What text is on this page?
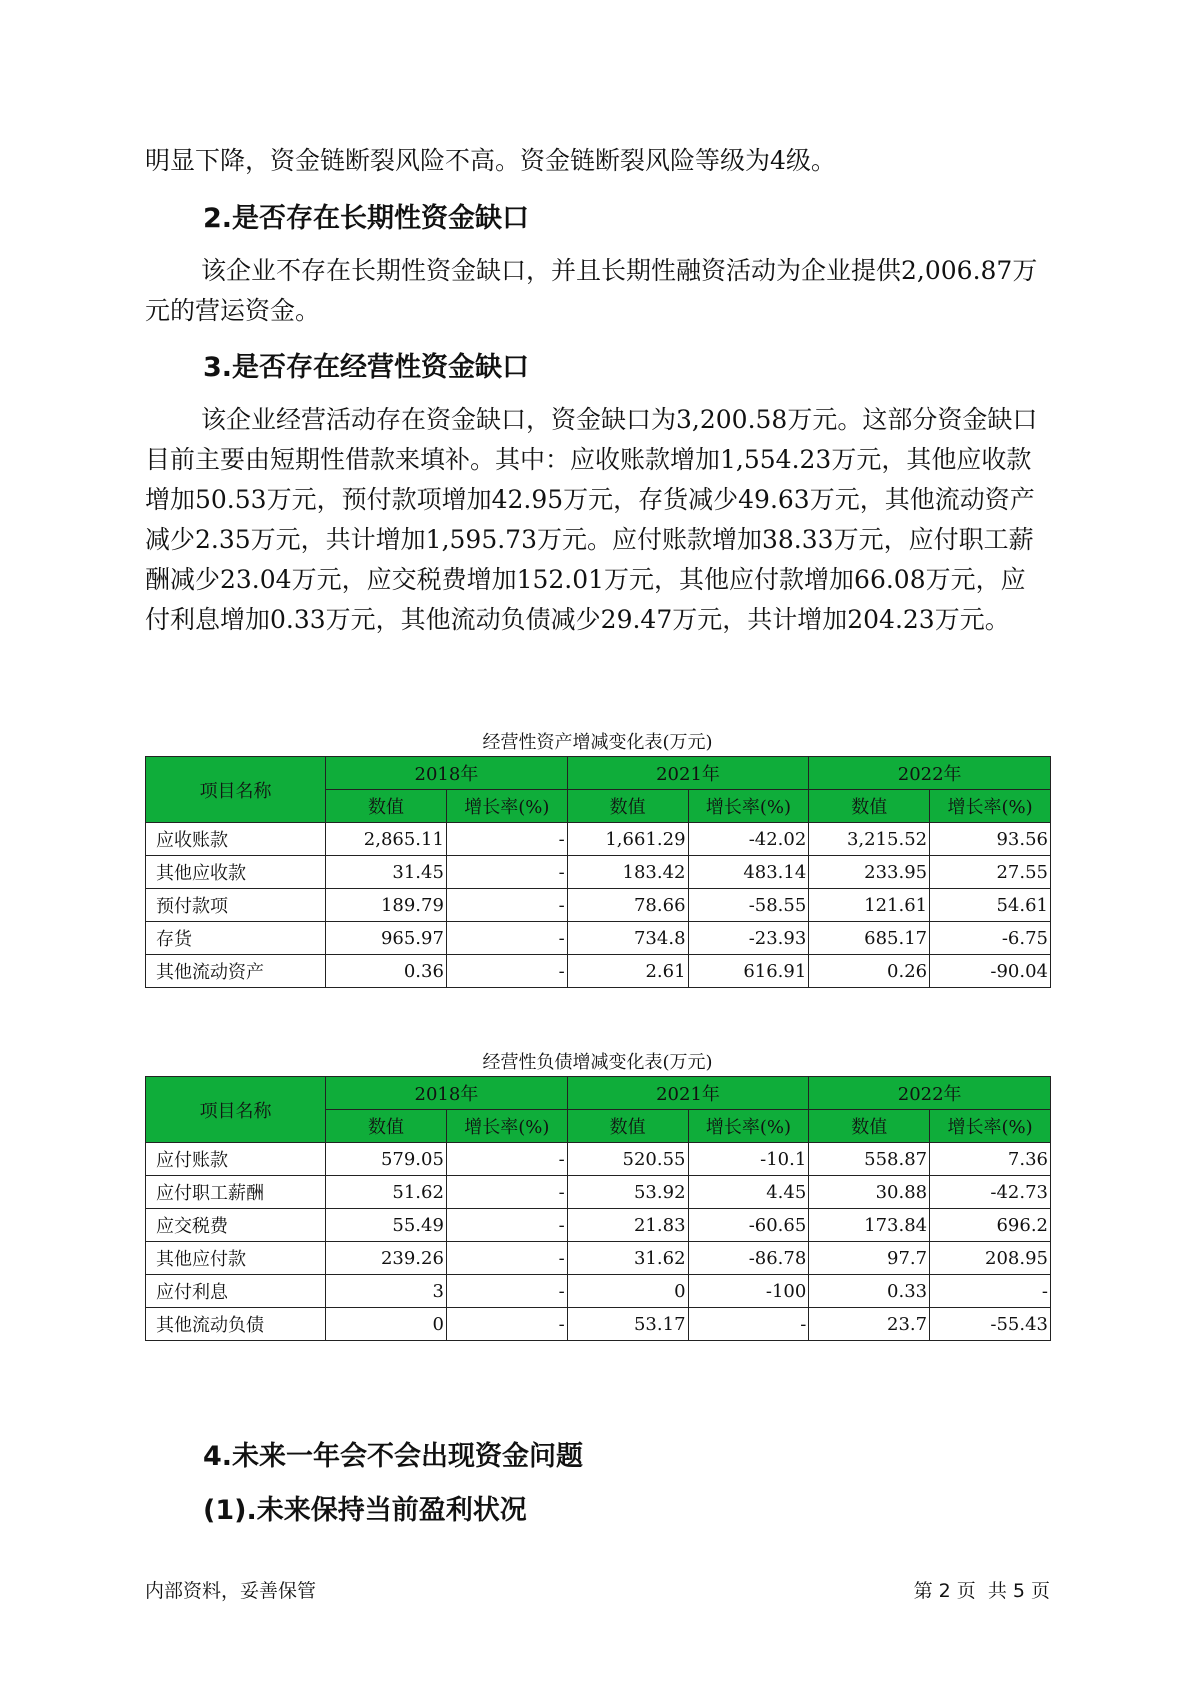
明显下降，资金链断裂风险不高。资金链断裂风险等级为4级。

2.是否存在长期性资金缺口

该企业不存在长期性资金缺口，并且长期性融资活动为企业提供2,006.87万元的营运资金。

3.是否存在经营性资金缺口

该企业经营活动存在资金缺口，资金缺口为3,200.58万元。这部分资金缺口目前主要由短期性借款来填补。其中：应收账款增加1,554.23万元，其他应收款增加50.53万元，预付款项增加42.95万元，存货减少49.63万元，其他流动资产减少2.35万元，共计增加1,595.73万元。应付账款增加38.33万元，应付职工薪酬减少23.04万元，应交税费增加152.01万元，其他应付款增加66.08万元，应付利息增加0.33万元，其他流动负债减少29.47万元，共计增加204.23万元。

经营性资产增减变化表(万元)

项目名称	2018年		2021年		2022年	
	数值	增长率(%)	数值	增长率(%)	数值	增长率(%)
应收账款	2,865.11	-	1,661.29	-42.02	3,215.52	93.56
其他应收款	31.45	-	183.42	483.14	233.95	27.55
预付款项	189.79	-	78.66	-58.55	121.61	54.61
存货	965.97	-	734.8	-23.93	685.17	-6.75
其他流动资产	0.36	-	2.61	616.91	0.26	-90.04

经营性负债增减变化表(万元)

项目名称	2018年		2021年		2022年	
	数值	增长率(%)	数值	增长率(%)	数值	增长率(%)
应付账款	579.05	-	520.55	-10.1	558.87	7.36
应付职工薪酬	51.62	-	53.92	4.45	30.88	-42.73
应交税费	55.49	-	21.83	-60.65	173.84	696.2
其他应付款	239.26	-	31.62	-86.78	97.7	208.95
应付利息	3	-	0	-100	0.33	-
其他流动负债	0	-	53.17	-	23.7	-55.43
4.未来一年会不会出现资金问题
(1).未来保持当前盈利状况
内部资料，妥善保管	第 2 页  共 5 页
